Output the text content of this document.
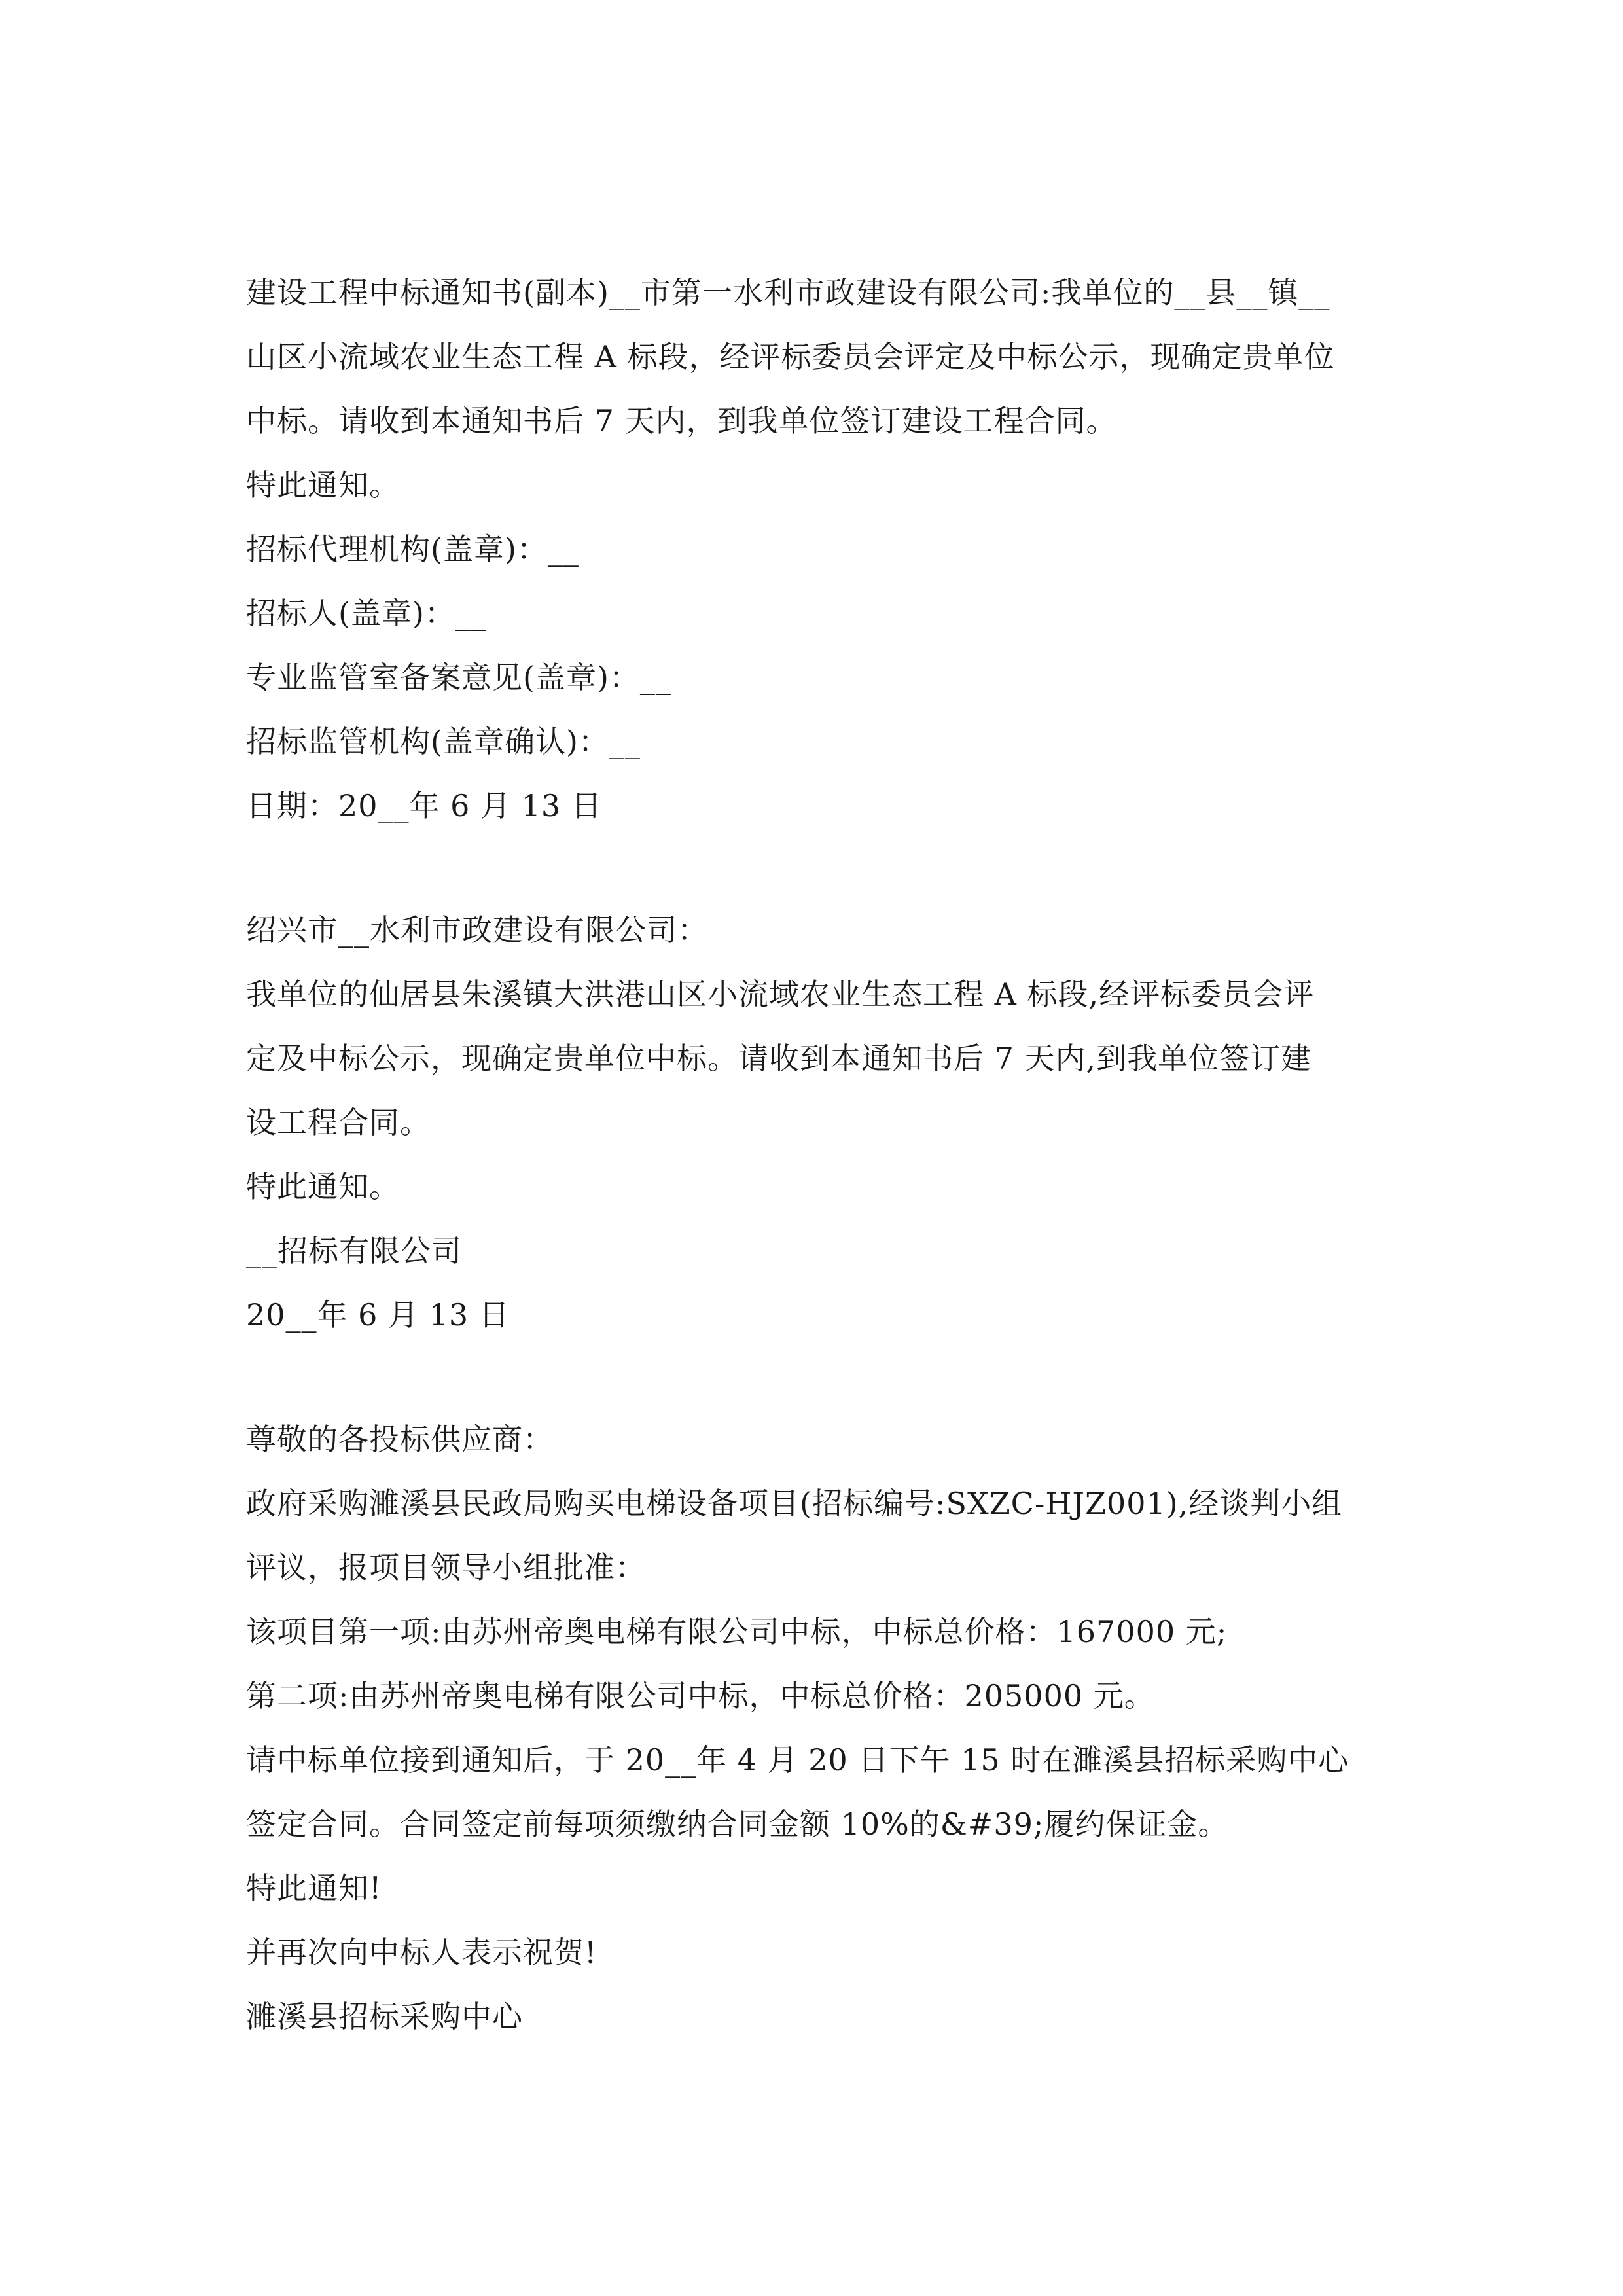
建设工程中标通知书(副本)__市第一水利市政建设有限公司:我单位的__县__镇__
山区小流域农业生态工程 A 标段，经评标委员会评定及中标公示，现确定贵单位
中标。请收到本通知书后 7 天内，到我单位签订建设工程合同。
特此通知。
招标代理机构(盖章)：__
招标人(盖章)：__
专业监管室备案意见(盖章)：__
招标监管机构(盖章确认)：__
日期：20__年 6 月 13 日
绍兴市__水利市政建设有限公司：
我单位的仙居县朱溪镇大洪港山区小流域农业生态工程 A 标段,经评标委员会评
定及中标公示，现确定贵单位中标。请收到本通知书后 7 天内,到我单位签订建
设工程合同。
特此通知。
__招标有限公司
20__年 6 月 13 日
尊敬的各投标供应商：
政府采购濉溪县民政局购买电梯设备项目(招标编号:SXZC-HJZ001),经谈判小组
评议，报项目领导小组批准：
该项目第一项:由苏州帝奥电梯有限公司中标，中标总价格：167000 元;
第二项:由苏州帝奥电梯有限公司中标，中标总价格：205000 元。
请中标单位接到通知后，于 20__年 4 月 20 日下午 15 时在濉溪县招标采购中心
签定合同。合同签定前每项须缴纳合同金额 10%的&#39;履约保证金。
特此通知!
并再次向中标人表示祝贺!
濉溪县招标采购中心
